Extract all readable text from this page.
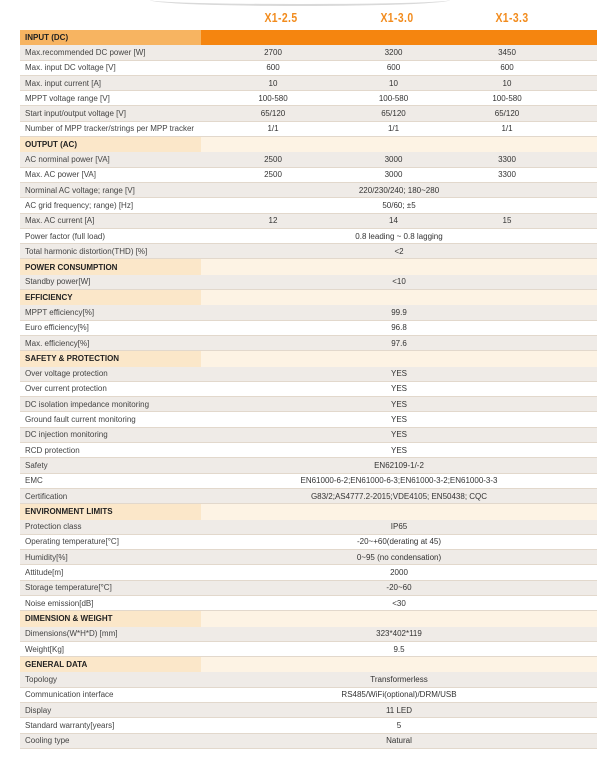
X1-2.5	X1-3.0	X1-3.3
INPUT (DC)
Max.recommended DC power [W]	2700	3200	3450
Max. input DC voltage [V]	600	600	600
Max. input current [A]	10	10	10
MPPT voltage range [V]	100-580	100-580	100-580
Start input/output voltage [V]	65/120	65/120	65/120
Number of MPP tracker/strings per MPP tracker	1/1	1/1	1/1
OUTPUT (AC)
AC norminal power [VA]	2500	3000	3300
Max. AC power [VA]	2500	3000	3300
Norminal AC voltage; range [V]	220/230/240; 180~280
AC grid frequency; range) [Hz]	50/60; ±5
Max. AC current [A]	12	14	15
Power factor (full load)	0.8 leading ~ 0.8 lagging
Total harmonic distortion(THD) [%]	<2
POWER CONSUMPTION
Standby power[W]	<10
EFFICIENCY
MPPT efficiency[%]	99.9
Euro efficiency[%]	96.8
Max. efficiency[%]	97.6
SAFETY & PROTECTION
Over voltage protection	YES
Over current protection	YES
DC isolation impedance monitoring	YES
Ground fault current monitoring	YES
DC injection monitoring	YES
RCD protection	YES
Safety	EN62109-1/-2
EMC	EN61000-6-2;EN61000-6-3;EN61000-3-2;EN61000-3-3
Certification	G83/2;AS4777.2-2015;VDE4105; EN50438; CQC
ENVIRONMENT LIMITS
Protection class	IP65
Operating temperature[°C]	-20~+60(derating at 45)
Humidity[%]	0~95 (no condensation)
Attitude[m]	2000
Storage temperature[°C]	-20~60
Noise emission[dB]	<30
DIMENSION & WEIGHT
Dimensions(W*H*D) [mm]	323*402*119
Weight[Kg]	9.5
GENERAL DATA
Topology	Transformerless
Communication interface	RS485/WiFi(optional)/DRM/USB
Display	11 LED
Standard warranty[years]	5
Cooling type	Natural
